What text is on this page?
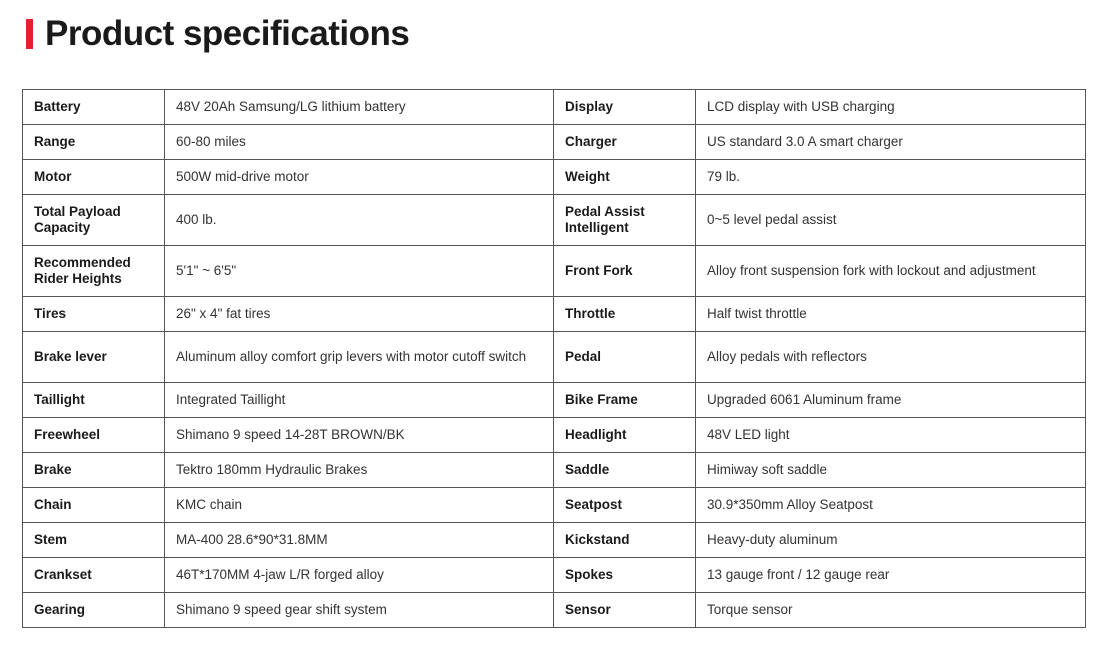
Product specifications
Battery	48V 20Ah Samsung/LG lithium battery	Display	LCD display with USB charging
Range	60-80 miles	Charger	US standard 3.0 A smart charger
Motor	500W mid-drive motor	Weight	79 lb.
Total Payload Capacity	400 lb.	Pedal Assist Intelligent	0~5 level pedal assist
Recommended Rider Heights	5'1" ~ 6'5"	Front Fork	Alloy front suspension fork with lockout and adjustment
Tires	26" x 4" fat tires	Throttle	Half twist throttle
Brake lever	Aluminum alloy comfort grip levers with motor cutoff switch	Pedal	Alloy pedals with reflectors
Taillight	Integrated Taillight	Bike Frame	Upgraded 6061 Aluminum frame
Freewheel	Shimano 9 speed 14-28T BROWN/BK	Headlight	48V LED light
Brake	Tektro 180mm Hydraulic Brakes	Saddle	Himiway soft saddle
Chain	KMC chain	Seatpost	30.9*350mm Alloy Seatpost
Stem	MA-400 28.6*90*31.8MM	Kickstand	Heavy-duty aluminum
Crankset	46T*170MM 4-jaw L/R forged alloy	Spokes	13 gauge front / 12 gauge rear
Gearing	Shimano 9 speed gear shift system	Sensor	Torque sensor
